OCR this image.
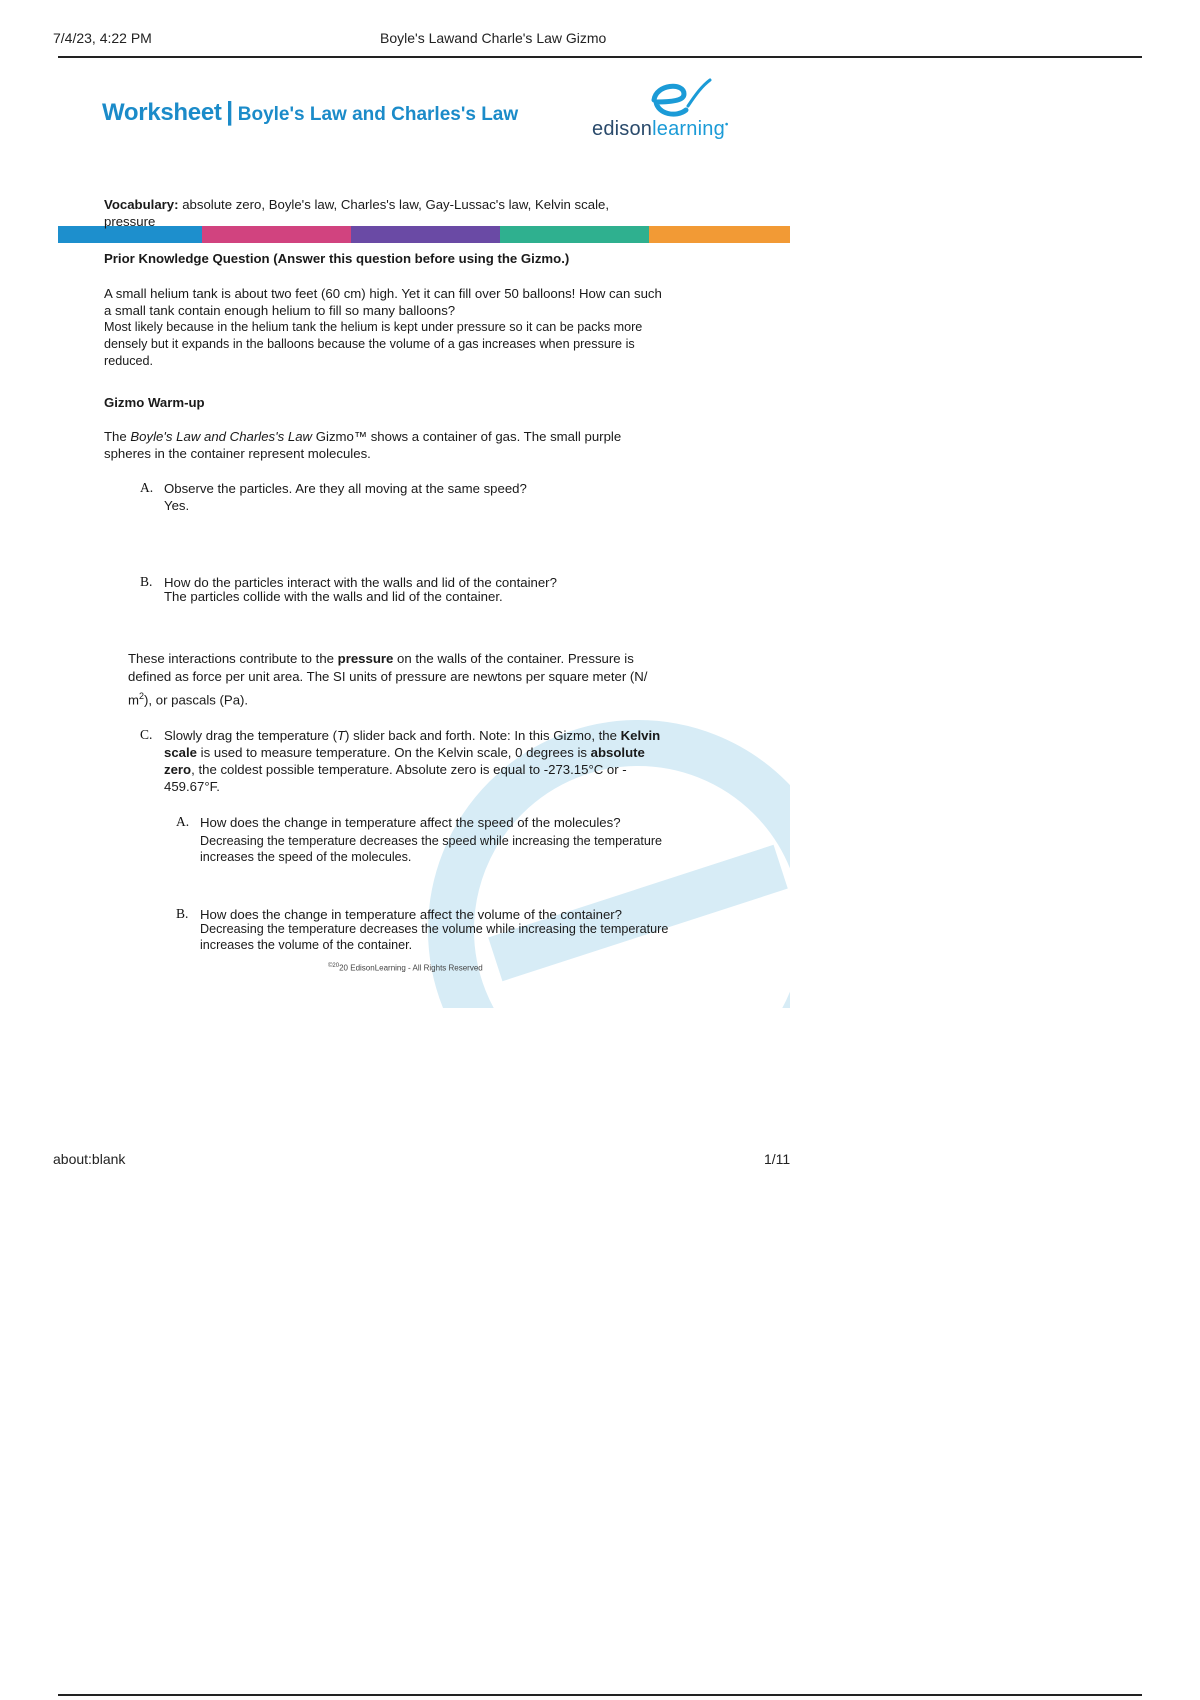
7/4/23, 4:22 PM	Boyle's Lawand Charle's Law Gizmo
Worksheet | Boyle's Law and Charles's Law
edisonlearning•
Vocabulary: absolute zero, Boyle's law, Charles's law, Gay-Lussac's law, Kelvin scale,
pressure
Prior Knowledge Question (Answer this question before using the Gizmo.)
A small helium tank is about two feet (60 cm) high. Yet it can fill over 50 balloons! How can such
a small tank contain enough helium to fill so many balloons?
Most likely because in the helium tank the helium is kept under pressure so it can be packs more
densely but it expands in the balloons because the volume of a gas increases when pressure is
reduced.
Gizmo Warm-up
The Boyle's Law and Charles's Law Gizmo™ shows a container of gas. The small purple
spheres in the container represent molecules.
A. Observe the particles. Are they all moving at the same speed?
Yes.
B. How do the particles interact with the walls and lid of the container?
The particles collide with the walls and lid of the container.
These interactions contribute to the pressure on the walls of the container. Pressure is
defined as force per unit area. The SI units of pressure are newtons per square meter (N/
$m^2$), or pascals (Pa).
C. Slowly drag the temperature (T) slider back and forth. Note: In this Gizmo, the Kelvin
scale is used to measure temperature. On the Kelvin scale, 0 degrees is absolute
zero, the coldest possible temperature. Absolute zero is equal to -273.15°C or -
459.67°F.
A. How does the change in temperature affect the speed of the molecules?
Decreasing the temperature decreases the speed while increasing the temperature
increases the speed of the molecules.
B. How does the change in temperature affect the volume of the container?
Decreasing the temperature decreases the volume while increasing the temperature
increases the volume of the container.
$^{©20}$20 EdisonLearning - All Rights Reserved
about:blank	1/11
